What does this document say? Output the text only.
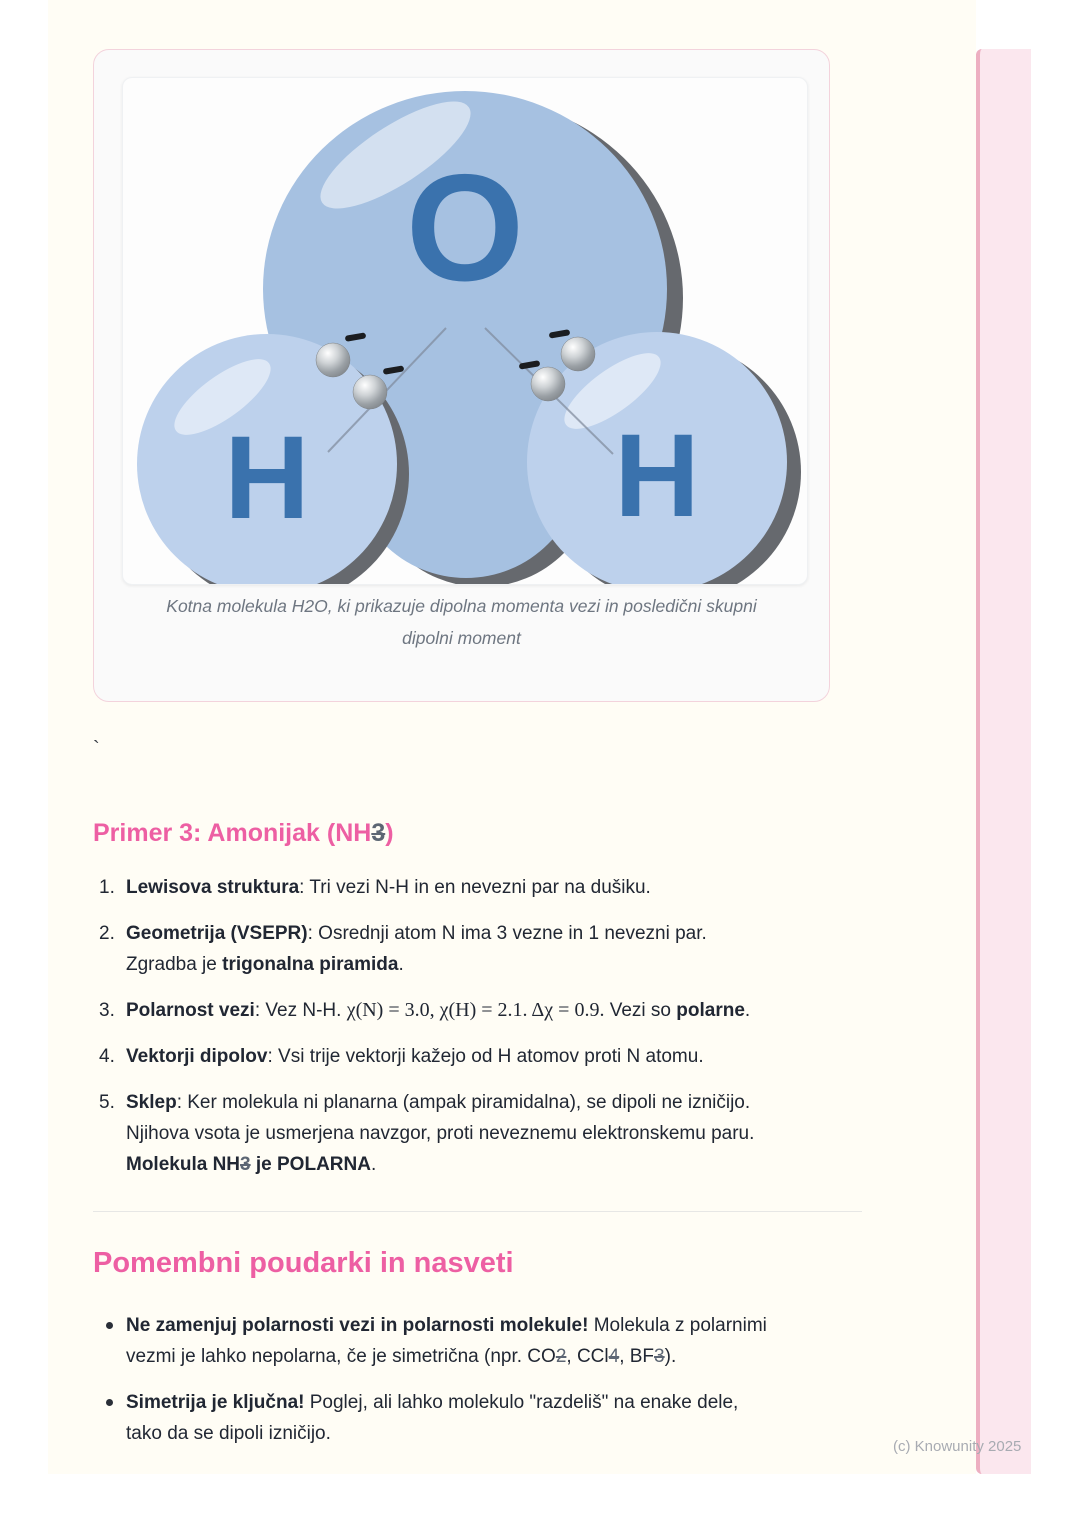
O
H	H
Kotna molekula H2O, ki prikazuje dipolna momenta vezi in posledični skupni
dipolni moment
`
Primer 3: Amonijak (NH3)
1. Lewisova struktura: Tri vezi N-H in en nevezni par na dušiku.
2. Geometrija (VSEPR): Osrednji atom N ima 3 vezne in 1 nevezni par.
Zgradba je trigonalna piramida.
3. Polarnost vezi: Vez N-H. χ(N) = 3.0, χ(H) = 2.1. Δχ = 0.9. Vezi so polarne.
4. Vektorji dipolov: Vsi trije vektorji kažejo od H atomov proti N atomu.
5. Sklep: Ker molekula ni planarna (ampak piramidalna), se dipoli ne izničijo.
Njihova vsota je usmerjena navzgor, proti neveznemu elektronskemu paru.
Molekula NH3 je POLARNA.
Pomembni poudarki in nasveti
Ne zamenjuj polarnosti vezi in polarnosti molekule! Molekula z polarnimi
vezmi je lahko nepolarna, če je simetrična (npr. CO2, CCl4, BF3).
Simetrija je ključna! Poglej, ali lahko molekulo "razdeliš" na enake dele,
tako da se dipoli izničijo.
(c) Knowunity 2025
